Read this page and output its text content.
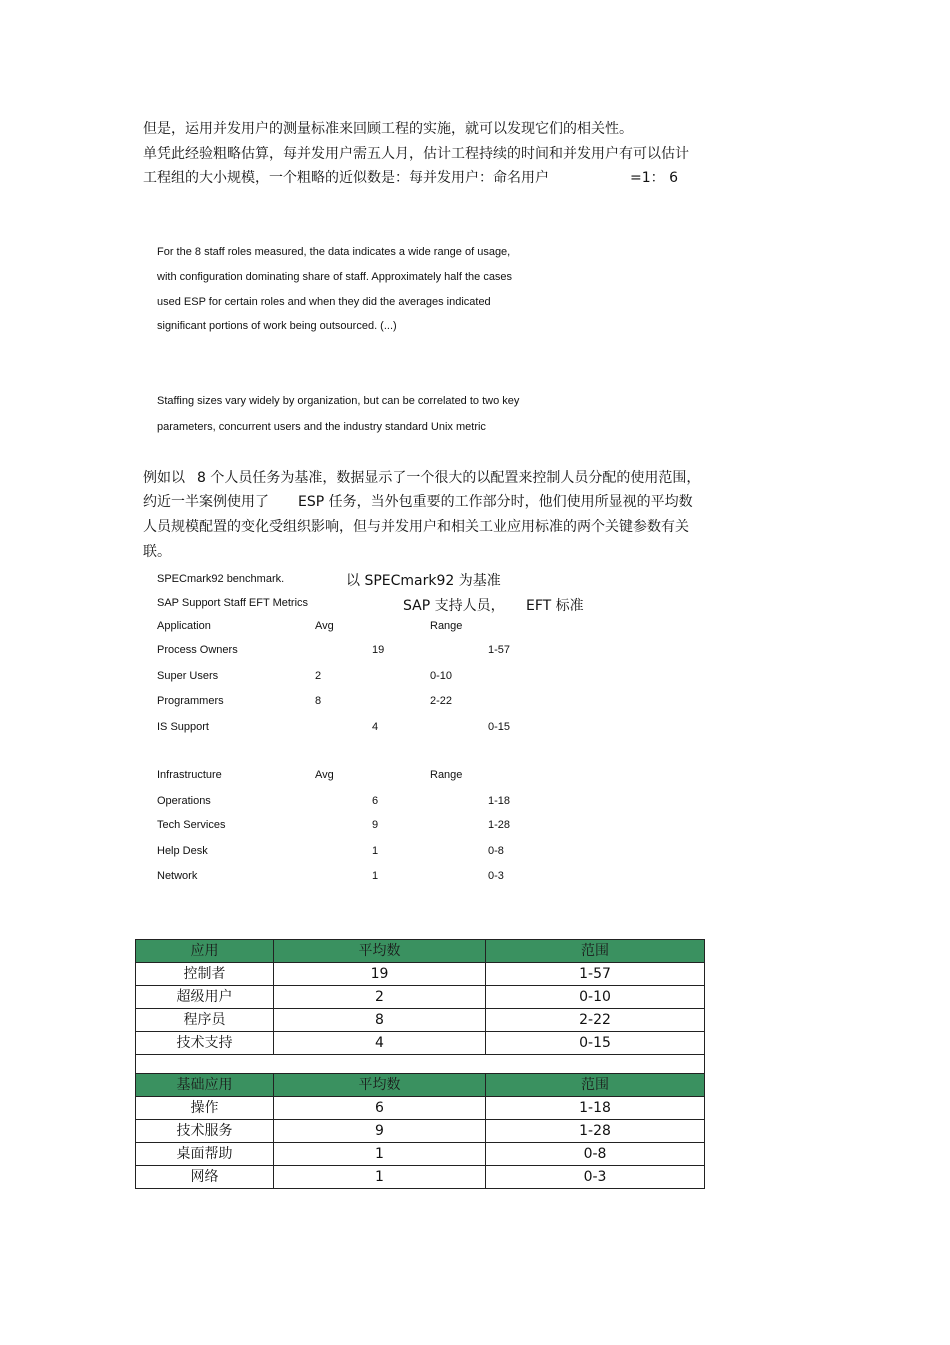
但是，运用并发用户的测量标准来回顾工程的实施，就可以发现它们的相关性。
单凭此经验粗略估算，每并发用户需五人月，估计工程持续的时间和并发用户有可以估计
工程组的大小规模，一个粗略的近似数是：每并发用户：命名用户	=1： 6
For the 8 staff roles measured, the data indicates a wide range of usage,
with configuration dominating share of staff. Approximately half the cases
used ESP for certain roles and when they did the averages indicated
significant portions of work being outsourced. (...)
Staffing sizes vary widely by organization, but can be correlated to two key
parameters, concurrent users and the industry standard Unix metric
例如以 8 个人员任务为基准，数据显示了一个很大的以配置来控制人员分配的使用范围，
约近一半案例使用了 ESP 任务，当外包重要的工作部分时，他们使用所显视的平均数
人员规模配置的变化受组织影响，但与并发用户和相关工业应用标准的两个关键参数有关
联。
SPECmark92 benchmark.	以 SPECmark92 为基准
SAP Support Staff EFT Metrics	SAP 支持人员， EFT 标准
Application	Avg	Range
Process Owners	19	1-57
Super Users	2	0-10
Programmers	8	2-22
IS Support	4	0-15
Infrastructure	Avg	Range
Operations	6	1-18
Tech Services	9	1-28
Help Desk	1	0-8
Network	1	0-3
应用	平均数	范围
控制者	19	1-57
超级用户	2	0-10
程序员	8	2-22
技术支持	4	0-15

基础应用	平均数	范围
操作	6	1-18
技术服务	9	1-28
桌面帮助	1	0-8
网络	1	0-3
